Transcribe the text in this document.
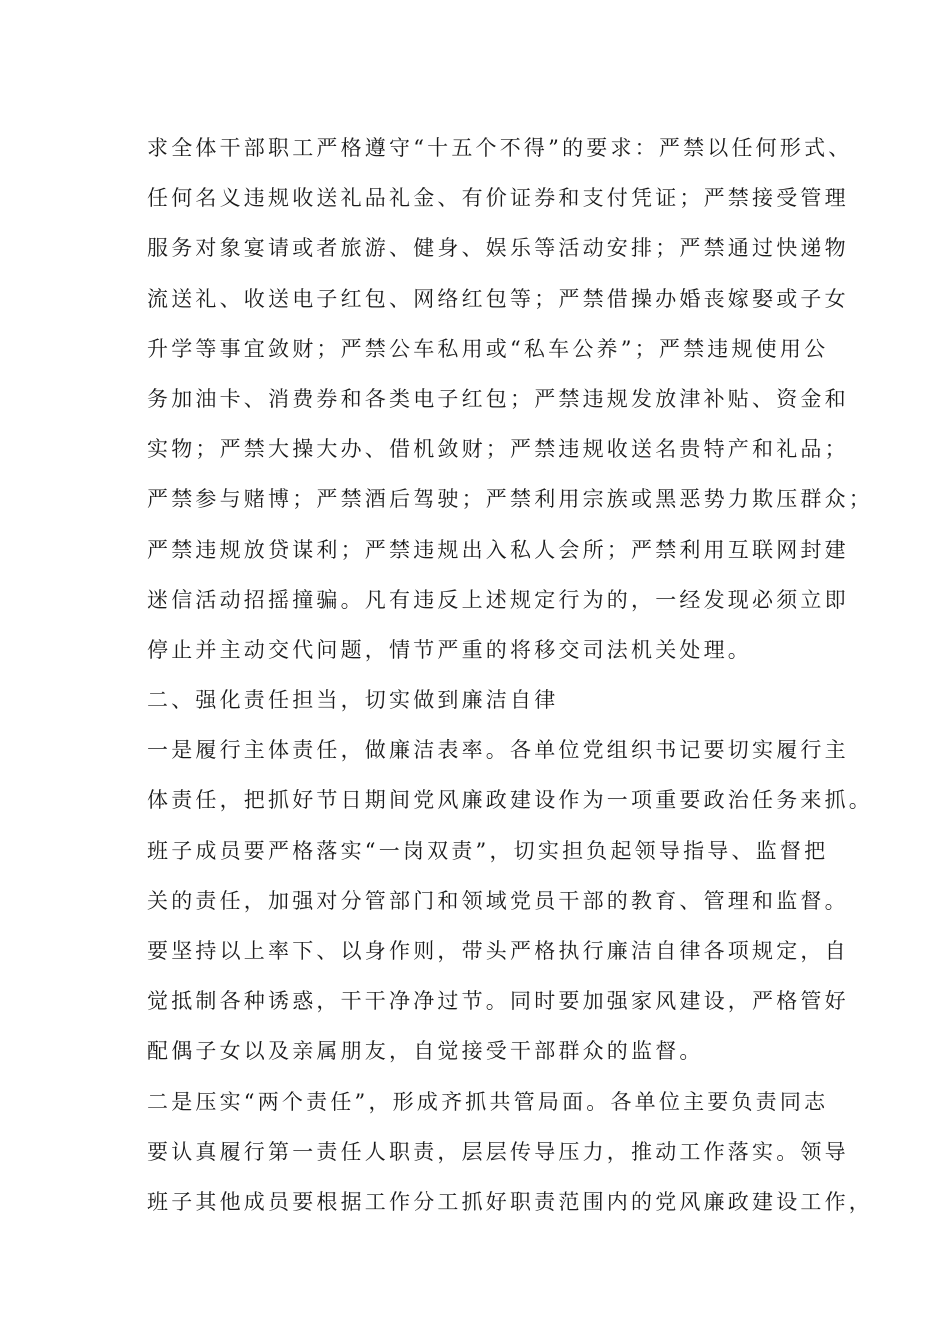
求全体干部职工严格遵守“十五个不得”的要求：严禁以任何形式、
任何名义违规收送礼品礼金、有价证券和支付凭证；严禁接受管理
服务对象宴请或者旅游、健身、娱乐等活动安排；严禁通过快递物
流送礼、收送电子红包、网络红包等；严禁借操办婚丧嫁娶或子女
升学等事宜敛财；严禁公车私用或“私车公养”；严禁违规使用公
务加油卡、消费券和各类电子红包；严禁违规发放津补贴、资金和
实物；严禁大操大办、借机敛财；严禁违规收送名贵特产和礼品；
严禁参与赌博；严禁酒后驾驶；严禁利用宗族或黑恶势力欺压群众；
严禁违规放贷谋利；严禁违规出入私人会所；严禁利用互联网封建
迷信活动招摇撞骗。凡有违反上述规定行为的，一经发现必须立即
停止并主动交代问题，情节严重的将移交司法机关处理。
二、强化责任担当，切实做到廉洁自律
一是履行主体责任，做廉洁表率。各单位党组织书记要切实履行主
体责任，把抓好节日期间党风廉政建设作为一项重要政治任务来抓。
班子成员要严格落实“一岗双责”，切实担负起领导指导、监督把
关的责任，加强对分管部门和领域党员干部的教育、管理和监督。
要坚持以上率下、以身作则，带头严格执行廉洁自律各项规定，自
觉抵制各种诱惑，干干净净过节。同时要加强家风建设，严格管好
配偶子女以及亲属朋友，自觉接受干部群众的监督。
二是压实“两个责任”，形成齐抓共管局面。各单位主要负责同志
要认真履行第一责任人职责，层层传导压力，推动工作落实。领导
班子其他成员要根据工作分工抓好职责范围内的党风廉政建设工作，
